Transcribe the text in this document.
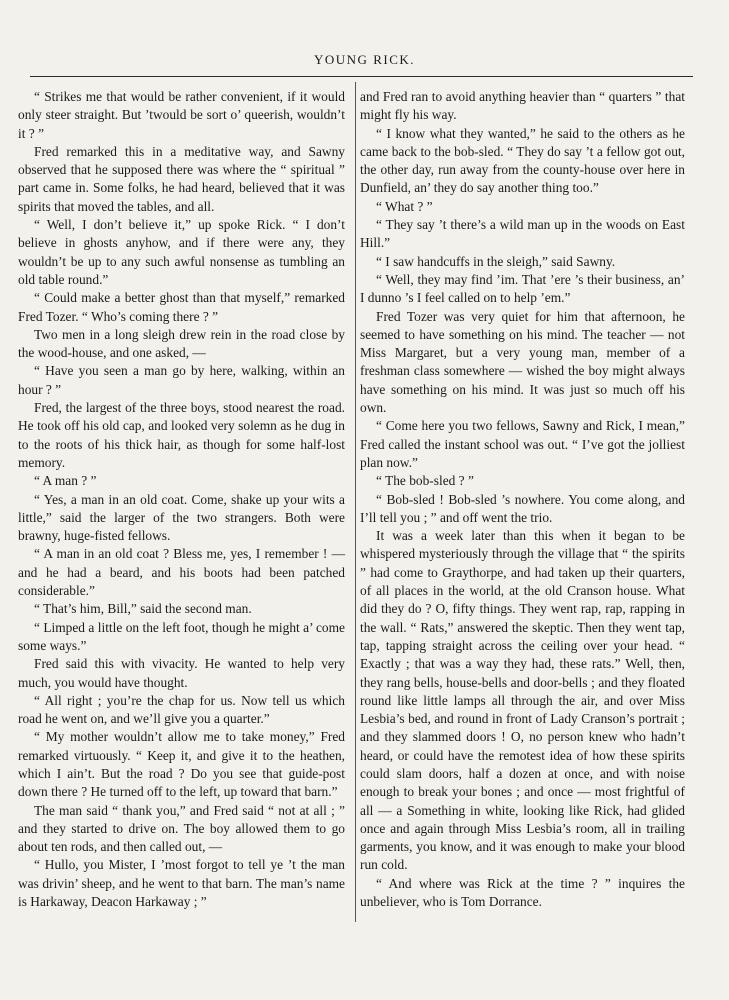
YOUNG RICK.

“ Strikes me that would be rather convenient, if it would only steer straight. But ’twould be sort o’ queerish, wouldn’t it ? ”

Fred remarked this in a meditative way, and Sawny observed that he supposed there was where the “ spiritual ” part came in. Some folks, he had heard, believed that it was spirits that moved the tables, and all.

“ Well, I don’t believe it,” up spoke Rick. “ I don’t believe in ghosts anyhow, and if there were any, they wouldn’t be up to any such awful nonsense as tumbling an old table round.”

“ Could make a better ghost than that myself,” remarked Fred Tozer. “ Who’s coming there ? ”

Two men in a long sleigh drew rein in the road close by the wood-house, and one asked, —

“ Have you seen a man go by here, walking, within an hour ? ”

Fred, the largest of the three boys, stood nearest the road. He took off his old cap, and looked very solemn as he dug in to the roots of his thick hair, as though for some half-lost memory.

“ A man ? ”

“ Yes, a man in an old coat. Come, shake up your wits a little,” said the larger of the two strangers. Both were brawny, huge-fisted fellows.

“ A man in an old coat ? Bless me, yes, I remember ! — and he had a beard, and his boots had been patched considerable.”

“ That’s him, Bill,” said the second man.

“ Limped a little on the left foot, though he might a’ come some ways.”

Fred said this with vivacity. He wanted to help very much, you would have thought.

“ All right ; you’re the chap for us. Now tell us which road he went on, and we’ll give you a quarter.”

“ My mother wouldn’t allow me to take money,” Fred remarked virtuously. “ Keep it, and give it to the heathen, which I ain’t. But the road ? Do you see that guide-post down there ? He turned off to the left, up toward that barn.”

The man said “ thank you,” and Fred said “ not at all ; ” and they started to drive on. The boy allowed them to go about ten rods, and then called out, —

“ Hullo, you Mister, I ’most forgot to tell ye ’t the man was drivin’ sheep, and he went to that barn. The man’s name is Harkaway, Deacon Harkaway ; ”

and Fred ran to avoid anything heavier than “ quarters ” that might fly his way.

“ I know what they wanted,” he said to the others as he came back to the bob-sled. “ They do say ’t a fellow got out, the other day, run away from the county-house over here in Dunfield, an’ they do say another thing too.”

“ What ? ”

“ They say ’t there’s a wild man up in the woods on East Hill.”

“ I saw handcuffs in the sleigh,” said Sawny.

“ Well, they may find ’im. That ’ere ’s their business, an’ I dunno ’s I feel called on to help ’em.”

Fred Tozer was very quiet for him that afternoon, he seemed to have something on his mind. The teacher — not Miss Margaret, but a very young man, member of a freshman class somewhere — wished the boy might always have something on his mind. It was just so much off his own.

“ Come here you two fellows, Sawny and Rick, I mean,” Fred called the instant school was out. “ I’ve got the jolliest plan now.”

“ The bob-sled ? ”

“ Bob-sled ! Bob-sled ’s nowhere. You come along, and I’ll tell you ; ” and off went the trio.

It was a week later than this when it began to be whispered mysteriously through the village that “ the spirits ” had come to Graythorpe, and had taken up their quarters, of all places in the world, at the old Cranson house. What did they do ? O, fifty things. They went rap, rap, rapping in the wall. “ Rats,” answered the skeptic. Then they went tap, tap, tapping straight across the ceiling over your head. “ Exactly ; that was a way they had, these rats.” Well, then, they rang bells, house-bells and door-bells ; and they floated round like little lamps all through the air, and over Miss Lesbia’s bed, and round in front of Lady Cranson’s portrait ; and they slammed doors ! O, no person knew who hadn’t heard, or could have the remotest idea of how these spirits could slam doors, half a dozen at once, and with noise enough to break your bones ; and once — most frightful of all — a Something in white, looking like Rick, had glided once and again through Miss Lesbia’s room, all in trailing garments, you know, and it was enough to make your blood run cold.

“ And where was Rick at the time ? ” inquires the unbeliever, who is Tom Dorrance.
